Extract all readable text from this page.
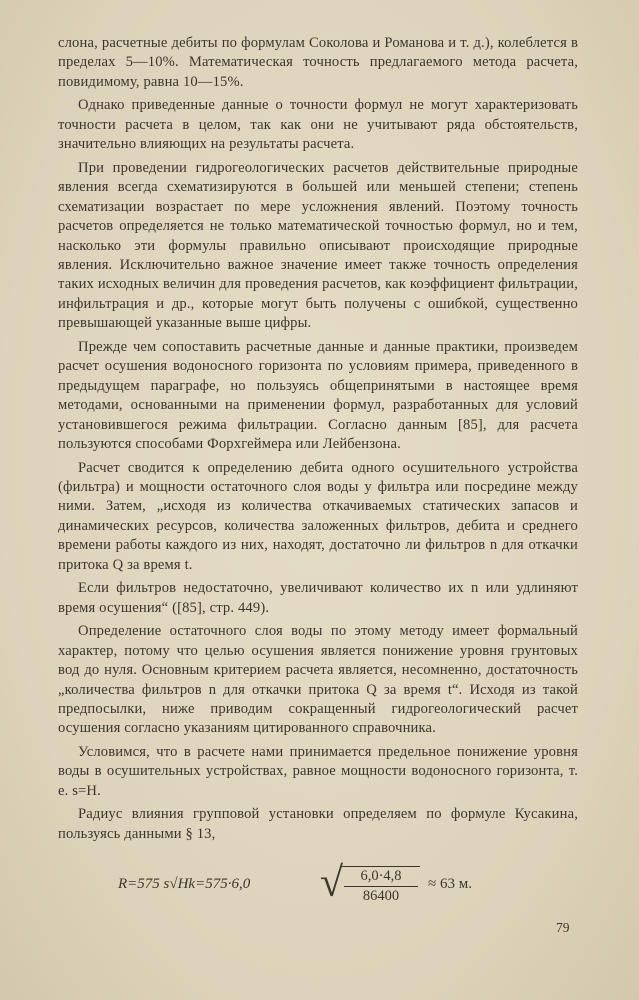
слона, расчетные дебиты по формулам Соколова и Романова и т. д.), колеблется в пределах 5—10%. Математическая точность предлагаемого метода расчета, повидимому, равна 10—15%.

Однако приведенные данные о точности формул не могут характеризовать точности расчета в целом, так как они не учитывают ряда обстоятельств, значительно влияющих на результаты расчета.

При проведении гидрогеологических расчетов действительные природные явления всегда схематизируются в большей или меньшей степени; степень схематизации возрастает по мере усложнения явлений. Поэтому точность расчетов определяется не только математической точностью формул, но и тем, насколько эти формулы правильно описывают происходящие природные явления. Исключительно важное значение имеет также точность определения таких исходных величин для проведения расчетов, как коэффициент фильтрации, инфильтрация и др., которые могут быть получены с ошибкой, существенно превышающей указанные выше цифры.

Прежде чем сопоставить расчетные данные и данные практики, произведем расчет осушения водоносного горизонта по условиям примера, приведенного в предыдущем параграфе, но пользуясь общепринятыми в настоящее время методами, основанными на применении формул, разработанных для условий установившегося режима фильтрации. Согласно данным [85], для расчета пользуются способами Форхгеймера или Лейбензона.

Расчет сводится к определению дебита одного осушительного устройства (фильтра) и мощности остаточного слоя воды у фильтра или посредине между ними. Затем, „исходя из количества откачиваемых статических запасов и динамических ресурсов, количества заложенных фильтров, дебита и среднего времени работы каждого из них, находят, достаточно ли фильтров n для откачки притока Q за время t.

Если фильтров недостаточно, увеличивают количество их n или удлиняют время осушения“ ([85], стр. 449).

Определение остаточного слоя воды по этому методу имеет формальный характер, потому что целью осушения является понижение уровня грунтовых вод до нуля. Основным критерием расчета является, несомненно, достаточность „количества фильтров n для откачки притока Q за время t“. Исходя из такой предпосылки, ниже приводим сокращенный гидрогеологический расчет осушения согласно указаниям цитированного справочника.

Условимся, что в расчете нами принимается предельное понижение уровня воды в осушительных устройствах, равное мощности водоносного горизонта, т. е. s=H.

Радиус влияния групповой установки определяем по формуле Кусакина, пользуясь данными § 13,

R=575 s√Hk=575·6,0 √ $\frac{6,0\cdot 4,8}{86400} \approx 63$ м.
79
